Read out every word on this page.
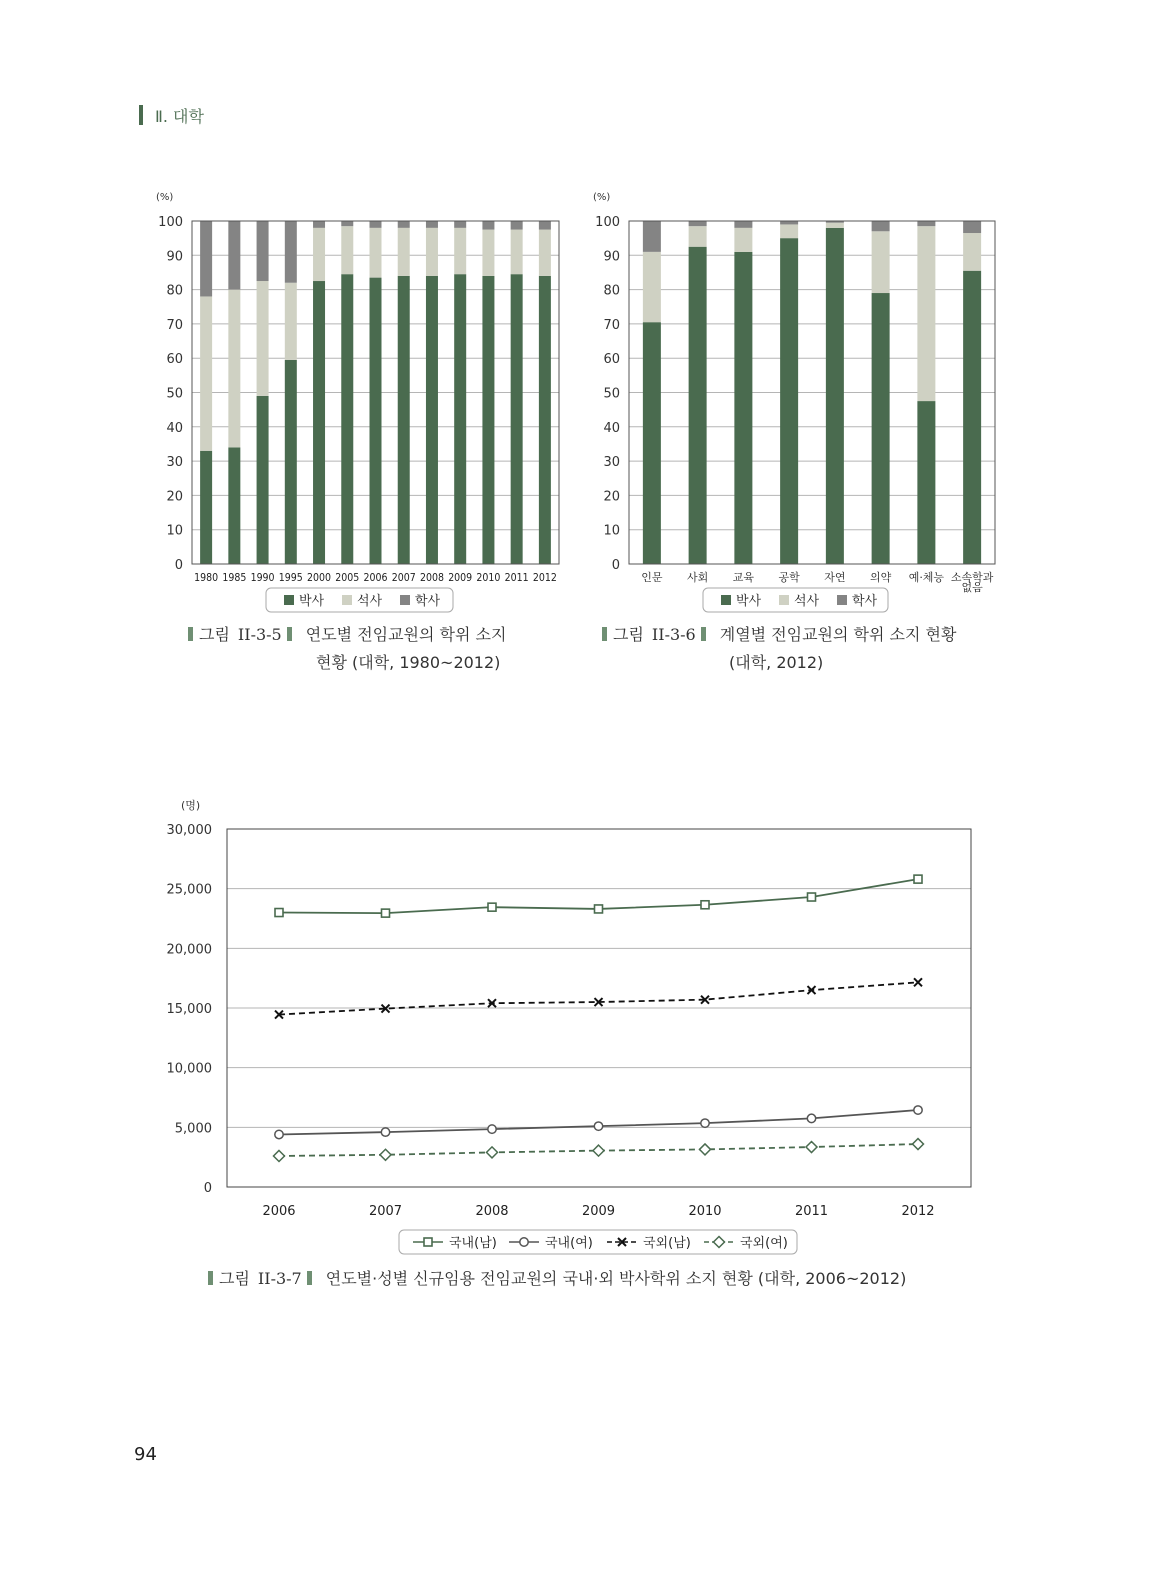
Ⅱ. 대학
(%)
0
10
20
30
40
50
60
70
80
90
100
1980 1985 1990 1995 2000 2005 2006 2007 2008 2009 2010 2011 2012
박사	석사	학사
(%)
0
10
20
30
40
50
60
70
80
90
100
인문 사회 교육 공학 자연 의약 예·체능 소속학과 없음
박사	석사	학사
(명)
0
5,000
10,000
15,000
20,000
25,000
30,000
2006	2007	2008	2009	2010	2011	2012
국내(남)	국내(여)	국외(남)	국외(여)
그림 II-3-5 연도별 전임교원의 학위 소지
현황 (대학, 1980~2012)
그림 II-3-6 계열별 전임교원의 학위 소지 현황
(대학, 2012)
그림 II-3-7 연도별·성별 신규임용 전임교원의 국내·외 박사학위 소지 현황 (대학, 2006~2012)
94
